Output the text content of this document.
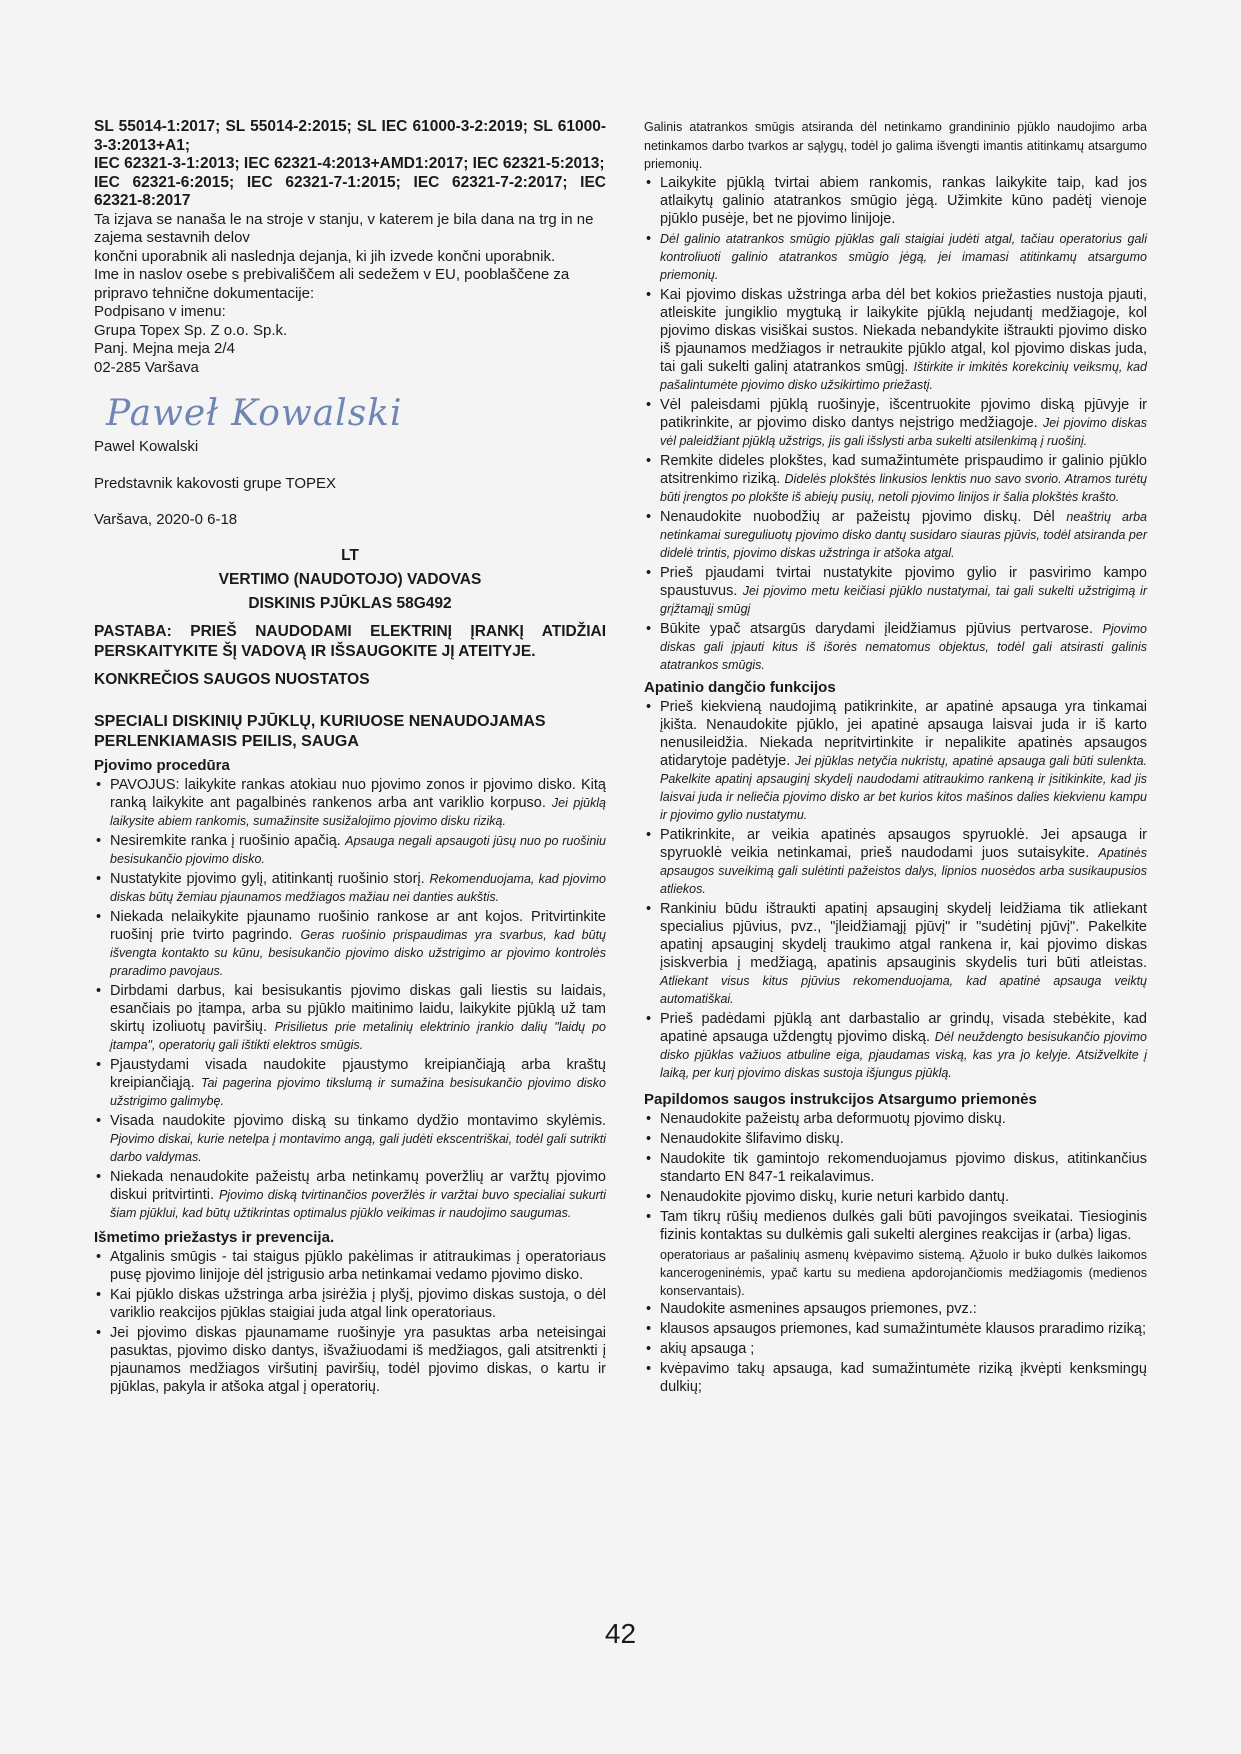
SL 55014-1:2017; SL 55014-2:2015; SL IEC 61000-3-2:2019; SL 61000-3-3:2013+A1;

IEC 62321-3-1:2013; IEC 62321-4:2013+AMD1:2017; IEC 62321-5:2013;

IEC 62321-6:2015; IEC 62321-7-1:2015; IEC 62321-7-2:2017; IEC 62321-8:2017

Ta izjava se nanaša le na stroje v stanju, v katerem je bila dana na trg in ne zajema sestavnih delov

končni uporabnik ali naslednja dejanja, ki jih izvede končni uporabnik.

Ime in naslov osebe s prebivališčem ali sedežem v EU, pooblaščene za pripravo tehnične dokumentacije:

Podpisano v imenu:

Grupa Topex Sp. Z o.o. Sp.k.

Panj. Mejna meja 2/4

02-285 Varšava

Paweł Kowalski

Pawel Kowalski

Predstavnik kakovosti grupe TOPEX

Varšava, 2020-0 6-18

LT

VERTIMO (NAUDOTOJO) VADOVAS

DISKINIS PJŪKLAS 58G492

PASTABA: PRIEŠ NAUDODAMI ELEKTRINĮ ĮRANKĮ ATIDŽIAI PERSKAITYKITE ŠĮ VADOVĄ IR IŠSAUGOKITE JĮ ATEITYJE.

KONKREČIOS SAUGOS NUOSTATOS

SPECIALI DISKINIŲ PJŪKLŲ, KURIUOSE NENAUDOJAMAS PERLENKIAMASIS PEILIS, SAUGA

Pjovimo procedūra

• PAVOJUS: laikykite rankas atokiau nuo pjovimo zonos ir pjovimo disko. Kitą ranką laikykite ant pagalbinės rankenos arba ant variklio korpuso. Jei pjūklą laikysite abiem rankomis, sumažinsite susižalojimo pjovimo disku riziką.
• Nesiremkite ranka į ruošinio apačią. Apsauga negali apsaugoti jūsų nuo po ruošiniu besisukančio pjovimo disko.
• Nustatykite pjovimo gylį, atitinkantį ruošinio storį. Rekomenduojama, kad pjovimo diskas būtų žemiau pjaunamos medžiagos mažiau nei danties aukštis.
• Niekada nelaikykite pjaunamo ruošinio rankose ar ant kojos. Pritvirtinkite ruošinį prie tvirto pagrindo. Geras ruošinio prispaudimas yra svarbus, kad būtų išvengta kontakto su kūnu, besisukančio pjovimo disko užstrigimo ar pjovimo kontrolės praradimo pavojaus.
• Dirbdami darbus, kai besisukantis pjovimo diskas gali liestis su laidais, esančiais po įtampa, arba su pjūklo maitinimo laidu, laikykite pjūklą už tam skirtų izoliuotų paviršių. Prisilietus prie metalinių elektrinio įrankio dalių "laidų po įtampa", operatorių gali ištikti elektros smūgis.
• Pjaustydami visada naudokite pjaustymo kreipiančiąją arba kraštų kreipiančiąją. Tai pagerina pjovimo tikslumą ir sumažina besisukančio pjovimo disko užstrigimo galimybę.
• Visada naudokite pjovimo diską su tinkamo dydžio montavimo skylėmis. Pjovimo diskai, kurie netelpa į montavimo angą, gali judėti ekscentriškai, todėl gali sutrikti darbo valdymas.
• Niekada nenaudokite pažeistų arba netinkamų poveržlių ar varžtų pjovimo diskui pritvirtinti. Pjovimo diską tvirtinančios poveržlės ir varžtai buvo specialiai sukurti šiam pjūklui, kad būtų užtikrintas optimalus pjūklo veikimas ir naudojimo saugumas.

Išmetimo priežastys ir prevencija.

• Atgalinis smūgis - tai staigus pjūklo pakėlimas ir atitraukimas į operatoriaus pusę pjovimo linijoje dėl įstrigusio arba netinkamai vedamo pjovimo disko.
• Kai pjūklo diskas užstringa arba įsirėžia į plyšį, pjovimo diskas sustoja, o dėl variklio reakcijos pjūklas staigiai juda atgal link operatoriaus.
• Jei pjovimo diskas pjaunamame ruošinyje yra pasuktas arba neteisingai pasuktas, pjovimo disko dantys, išvažiuodami iš medžiagos, gali atsitrenkti į pjaunamos medžiagos viršutinį paviršių, todėl pjovimo diskas, o kartu ir pjūklas, pakyla ir atšoka atgal į operatorių.

Galinis atatrankos smūgis atsiranda dėl netinkamo grandininio pjūklo naudojimo arba netinkamos darbo tvarkos ar sąlygų, todėl jo galima išvengti imantis atitinkamų atsargumo priemonių.

• Laikykite pjūklą tvirtai abiem rankomis, rankas laikykite taip, kad jos atlaikytų galinio atatrankos smūgio jėgą. Užimkite kūno padėtį vienoje pjūklo pusėje, bet ne pjovimo linijoje.
• Dėl galinio atatrankos smūgio pjūklas gali staigiai judėti atgal, tačiau operatorius gali kontroliuoti galinio atatrankos smūgio jėgą, jei imamasi atitinkamų atsargumo priemonių.
• Kai pjovimo diskas užstringa arba dėl bet kokios priežasties nustoja pjauti, atleiskite jungiklio mygtuką ir laikykite pjūklą nejudantį medžiagoje, kol pjovimo diskas visiškai sustos. Niekada nebandykite ištraukti pjovimo disko iš pjaunamos medžiagos ir netraukite pjūklo atgal, kol pjovimo diskas juda, tai gali sukelti galinį atatrankos smūgį. Ištirkite ir imkitės korekcinių veiksmų, kad pašalintumėte pjovimo disko užsikirtimo priežastį.
• Vėl paleisdami pjūklą ruošinyje, išcentruokite pjovimo diską pjūvyje ir patikrinkite, ar pjovimo disko dantys neįstrigo medžiagoje. Jei pjovimo diskas vėl paleidžiant pjūklą užstrigs, jis gali išslysti arba sukelti atsilenkimą į ruošinį.
• Remkite dideles plokštes, kad sumažintumėte prispaudimo ir galinio pjūklo atsitrenkimo riziką. Didelės plokštės linkusios lenktis nuo savo svorio. Atramos turėtų būti įrengtos po plokšte iš abiejų pusių, netoli pjovimo linijos ir šalia plokštės krašto.
• Nenaudokite nuobodžių ar pažeistų pjovimo diskų. Dėl neaštrių arba netinkamai sureguliuotų pjovimo disko dantų susidaro siauras pjūvis, todėl atsiranda per didelė trintis, pjovimo diskas užstringa ir atšoka atgal.
• Prieš pjaudami tvirtai nustatykite pjovimo gylio ir pasvirimo kampo spaustuvus. Jei pjovimo metu keičiasi pjūklo nustatymai, tai gali sukelti užstrigimą ir grįžtamąjį smūgį
• Būkite ypač atsargūs darydami įleidžiamus pjūvius pertvarose. Pjovimo diskas gali įpjauti kitus iš išorės nematomus objektus, todėl gali atsirasti galinis atatrankos smūgis.

Apatinio dangčio funkcijos

• Prieš kiekvieną naudojimą patikrinkite, ar apatinė apsauga yra tinkamai įkišta. Nenaudokite pjūklo, jei apatinė apsauga laisvai juda ir iš karto nenusileidžia. Niekada nepritvirtinkite ir nepalikite apatinės apsaugos atidarytoje padėtyje. Jei pjūklas netyčia nukristų, apatinė apsauga gali būti sulenkta. Pakelkite apatinį apsauginį skydelį naudodami atitraukimo rankeną ir įsitikinkite, kad jis laisvai juda ir neliečia pjovimo disko ar bet kurios kitos mašinos dalies kiekvienu kampu ir pjovimo gylio nustatymu.
• Patikrinkite, ar veikia apatinės apsaugos spyruoklė. Jei apsauga ir spyruoklė veikia netinkamai, prieš naudodami juos sutaisykite. Apatinės apsaugos suveikimą gali sulėtinti pažeistos dalys, lipnios nuosėdos arba susikaupusios atliekos.
• Rankiniu būdu ištraukti apatinį apsauginį skydelį leidžiama tik atliekant specialius pjūvius, pvz., "įleidžiamąjį pjūvį" ir "sudėtinį pjūvį". Pakelkite apatinį apsauginį skydelį traukimo atgal rankena ir, kai pjovimo diskas įsiskverbia į medžiagą, apatinis apsauginis skydelis turi būti atleistas. Atliekant visus kitus pjūvius rekomenduojama, kad apatinė apsauga veiktų automatiškai.
• Prieš padėdami pjūklą ant darbastalio ar grindų, visada stebėkite, kad apatinė apsauga uždengtų pjovimo diską. Dėl neuždengto besisukančio pjovimo disko pjūklas važiuos atbuline eiga, pjaudamas viską, kas yra jo kelyje. Atsižvelkite į laiką, per kurį pjovimo diskas sustoja išjungus pjūklą.

Papildomos saugos instrukcijos Atsargumo priemonės

• Nenaudokite pažeistų arba deformuotų pjovimo diskų.
• Nenaudokite šlifavimo diskų.
• Naudokite tik gamintojo rekomenduojamus pjovimo diskus, atitinkančius standarto EN 847-1 reikalavimus.
• Nenaudokite pjovimo diskų, kurie neturi karbido dantų.
• Tam tikrų rūšių medienos dulkės gali būti pavojingos sveikatai. Tiesioginis fizinis kontaktas su dulkėmis gali sukelti alergines reakcijas ir (arba) ligas.

operatoriaus ar pašalinių asmenų kvėpavimo sistemą. Ąžuolo ir buko dulkės laikomos kancerogeninėmis, ypač kartu su mediena apdorojančiomis medžiagomis (medienos konservantais).

• Naudokite asmenines apsaugos priemones, pvz.:
• klausos apsaugos priemones, kad sumažintumėte klausos praradimo riziką;
• akių apsauga ;
• kvėpavimo takų apsauga, kad sumažintumėte riziką įkvėpti kenksmingų dulkių;
42
